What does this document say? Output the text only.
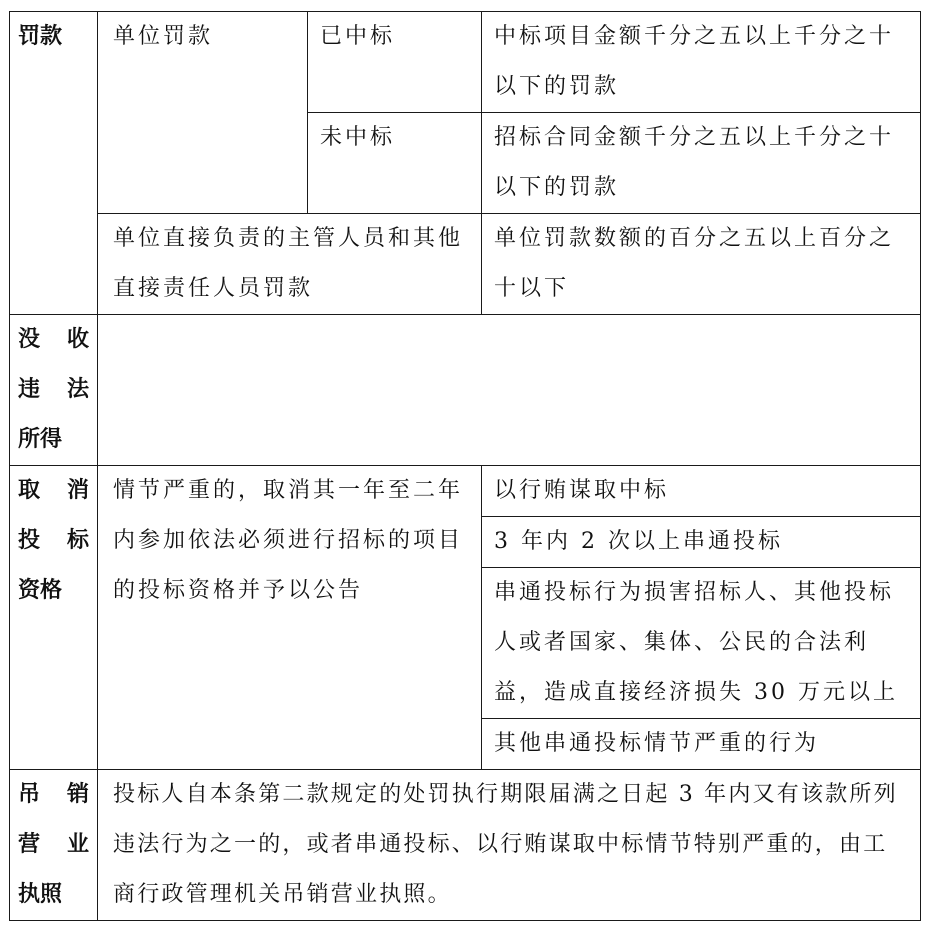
罚款	单位罚款	已中标	中标项目金额千分之五以上千分之十以下的罚款
		未中标	招标合同金额千分之五以上千分之十以下的罚款
	单位直接负责的主管人员和其他直接责任人员罚款		单位罚款数额的百分之五以上百分之十以下

没 收
违 法
所得			

取 消
投 标
资格	情节严重的，取消其一年至二年内参加依法必须进行招标的项目的投标资格并予以公告		以行贿谋取中标
			3 年内 2 次以上串通投标
			串通投标行为损害招标人、其他投标人或者国家、集体、公民的合法利益，造成直接经济损失 30 万元以上
			其他串通投标情节严重的行为

吊 销
营 业
执照	投标人自本条第二款规定的处罚执行期限届满之日起 3 年内又有该款所列违法行为之一的，或者串通投标、以行贿谋取中标情节特别严重的，由工商行政管理机关吊销营业执照。		
